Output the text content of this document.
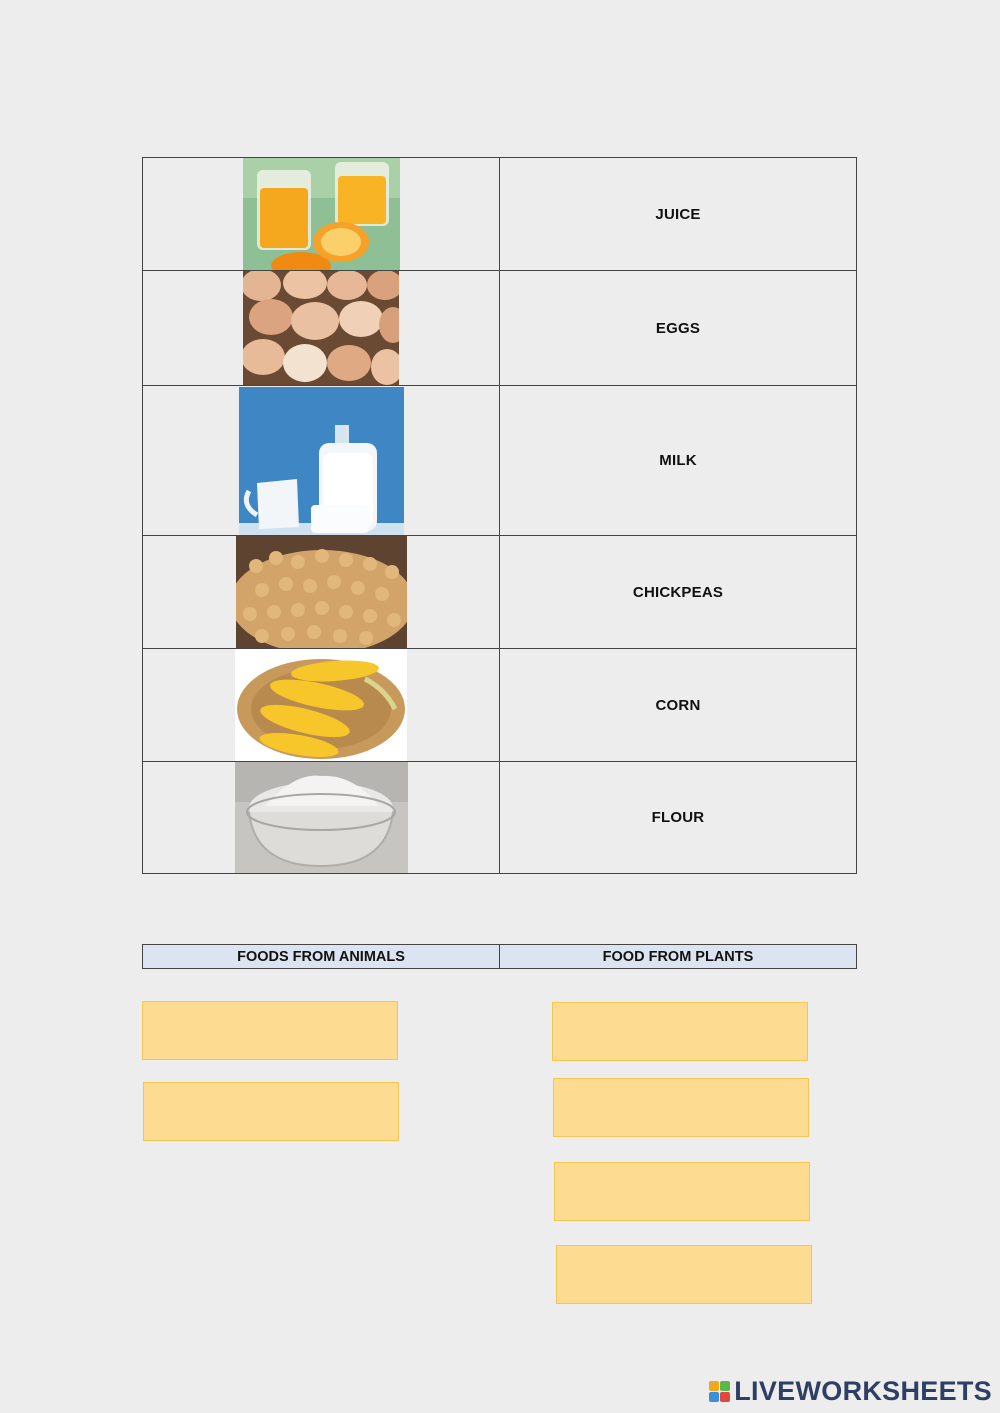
	JUICE

	EGGS

	MILK

	CHICKPEAS

	CORN

	FLOUR
FOODS FROM ANIMALS	FOOD FROM PLANTS
LIVEWORKSHEETS
